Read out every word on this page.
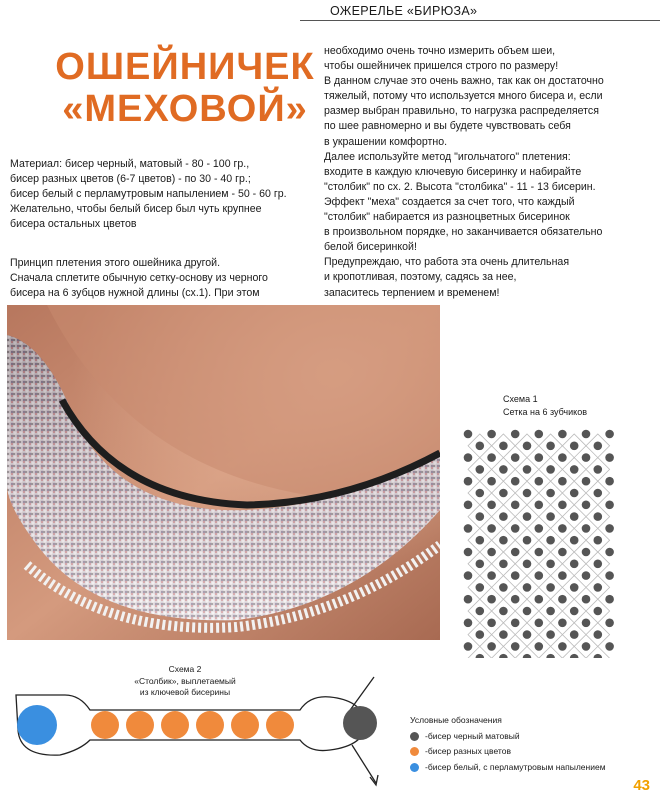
ОЖЕРЕЛЬЕ «БИРЮЗА»
ОШЕЙНИЧЕК
«МЕХОВОЙ»

Материал: бисер черный, матовый - 80 - 100 гр.,

бисер разных цветов (6-7 цветов) - по 30 - 40 гр.;

бисер белый с перламутровым напылением - 50 - 60 гр.

Желательно, чтобы белый бисер был чуть крупнее

бисера остальных цветов

Принцип плетения этого ошейника другой.

Сначала сплетите обычную сетку-основу из черного

бисера на 6 зубцов нужной длины (сх.1). При этом

необходимо очень точно измерить объем шеи,

чтобы ошейничек пришелся строго по размеру!

В данном случае это очень важно, так как он достаточно

тяжелый, потому что используется много бисера и, если

размер выбран правильно, то нагрузка распределяется

по шее равномерно и вы будете чувствовать себя

в украшении комфортно.

Далее используйте метод "игольчатого" плетения:

входите в каждую ключевую бисеринку и набирайте

"столбик" по сх. 2. Высота "столбика" - 11 - 13 бисерин.

Эффект "меха" создается за счет того, что каждый

"столбик" набирается из разноцветных бисеринок

в произвольном порядке, но заканчивается обязательно

белой бисеринкой!

Предупреждаю, что работа эта очень длительная

и кропотливая, поэтому, садясь за нее,

запаситесь терпением и временем!

Схема 1
Сетка на 6 зубчиков
Схема 2
«Столбик», выплетаемый
из ключевой бисерины
Условные обозначения
-бисер черный матовый
-бисер разных цветов
-бисер белый, с перламутровым напылением
43
